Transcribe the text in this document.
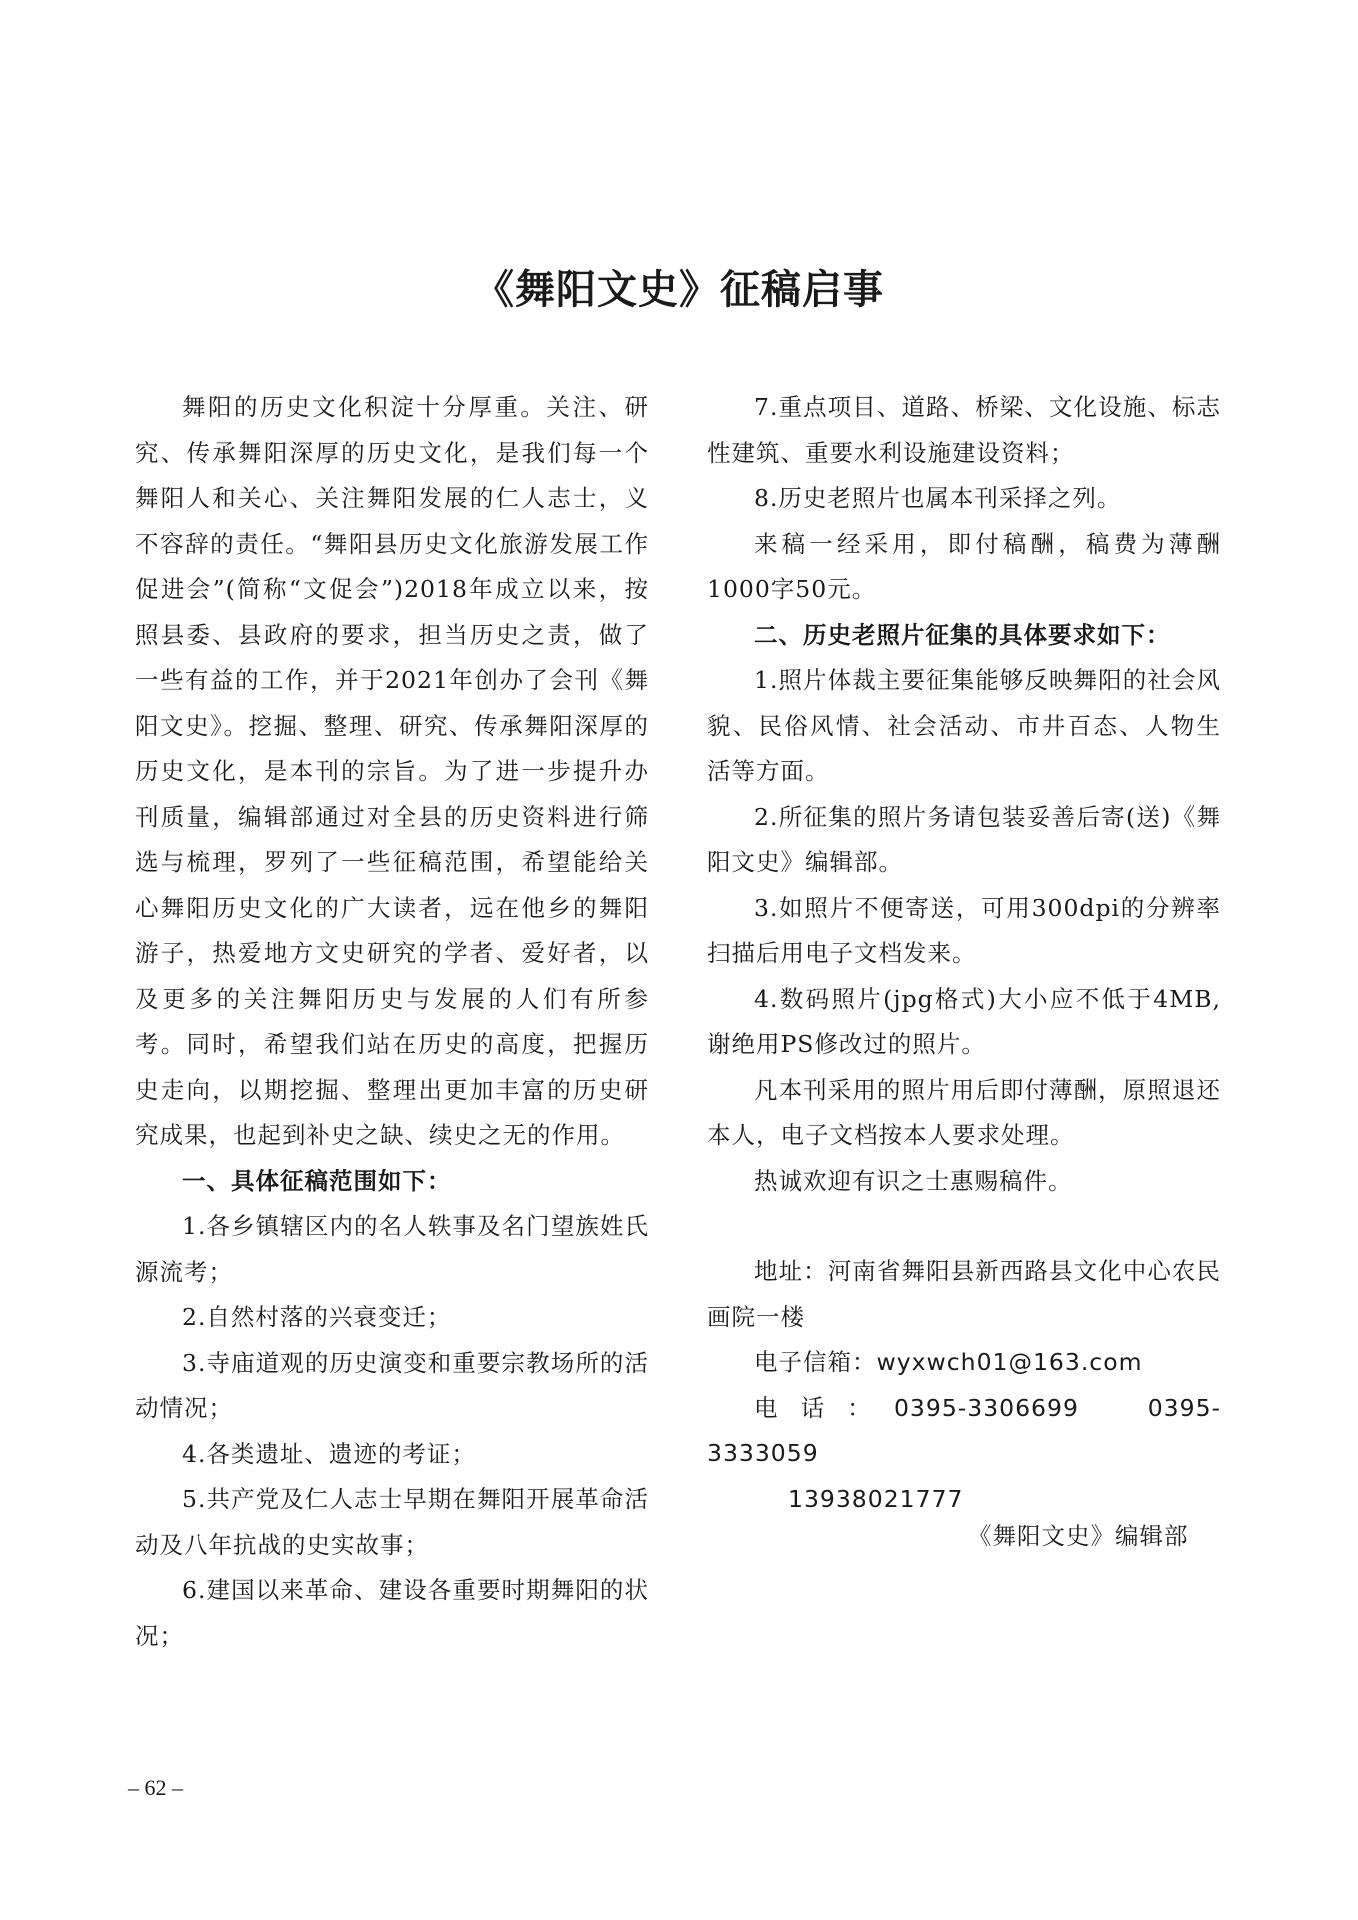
《舞阳文史》征稿启事

舞阳的历史文化积淀十分厚重。关注、研究、传承舞阳深厚的历史文化，是我们每一个舞阳人和关心、关注舞阳发展的仁人志士，义不容辞的责任。“舞阳县历史文化旅游发展工作促进会”(简称“文促会”)2018年成立以来，按照县委、县政府的要求，担当历史之责，做了一些有益的工作，并于2021年创办了会刊《舞阳文史》。挖掘、整理、研究、传承舞阳深厚的历史文化，是本刊的宗旨。为了进一步提升办刊质量，编辑部通过对全县的历史资料进行筛选与梳理，罗列了一些征稿范围，希望能给关心舞阳历史文化的广大读者，远在他乡的舞阳游子，热爱地方文史研究的学者、爱好者，以及更多的关注舞阳历史与发展的人们有所参考。同时，希望我们站在历史的高度，把握历史走向，以期挖掘、整理出更加丰富的历史研究成果，也起到补史之缺、续史之无的作用。

一、具体征稿范围如下：

1.各乡镇辖区内的名人轶事及名门望族姓氏源流考；

2.自然村落的兴衰变迁；

3.寺庙道观的历史演变和重要宗教场所的活动情况；

4.各类遗址、遗迹的考证；

5.共产党及仁人志士早期在舞阳开展革命活动及八年抗战的史实故事；

6.建国以来革命、建设各重要时期舞阳的状况；

7.重点项目、道路、桥梁、文化设施、标志性建筑、重要水利设施建设资料；

8.历史老照片也属本刊采择之列。

来稿一经采用，即付稿酬，稿费为薄酬1000字50元。

二、历史老照片征集的具体要求如下：

1.照片体裁主要征集能够反映舞阳的社会风貌、民俗风情、社会活动、市井百态、人物生活等方面。

2.所征集的照片务请包装妥善后寄(送)《舞阳文史》编辑部。

3.如照片不便寄送，可用300dpi的分辨率扫描后用电子文档发来。

4.数码照片(jpg格式)大小应不低于4MB,谢绝用PS修改过的照片。

凡本刊采用的照片用后即付薄酬，原照退还本人，电子文档按本人要求处理。

热诚欢迎有识之士惠赐稿件。

地址：河南省舞阳县新西路县文化中心农民画院一楼

电子信箱：wyxwch01@163.com

电话：0395-3306699　0395-3333059

13938021777
《舞阳文史》编辑部
– 62 –
